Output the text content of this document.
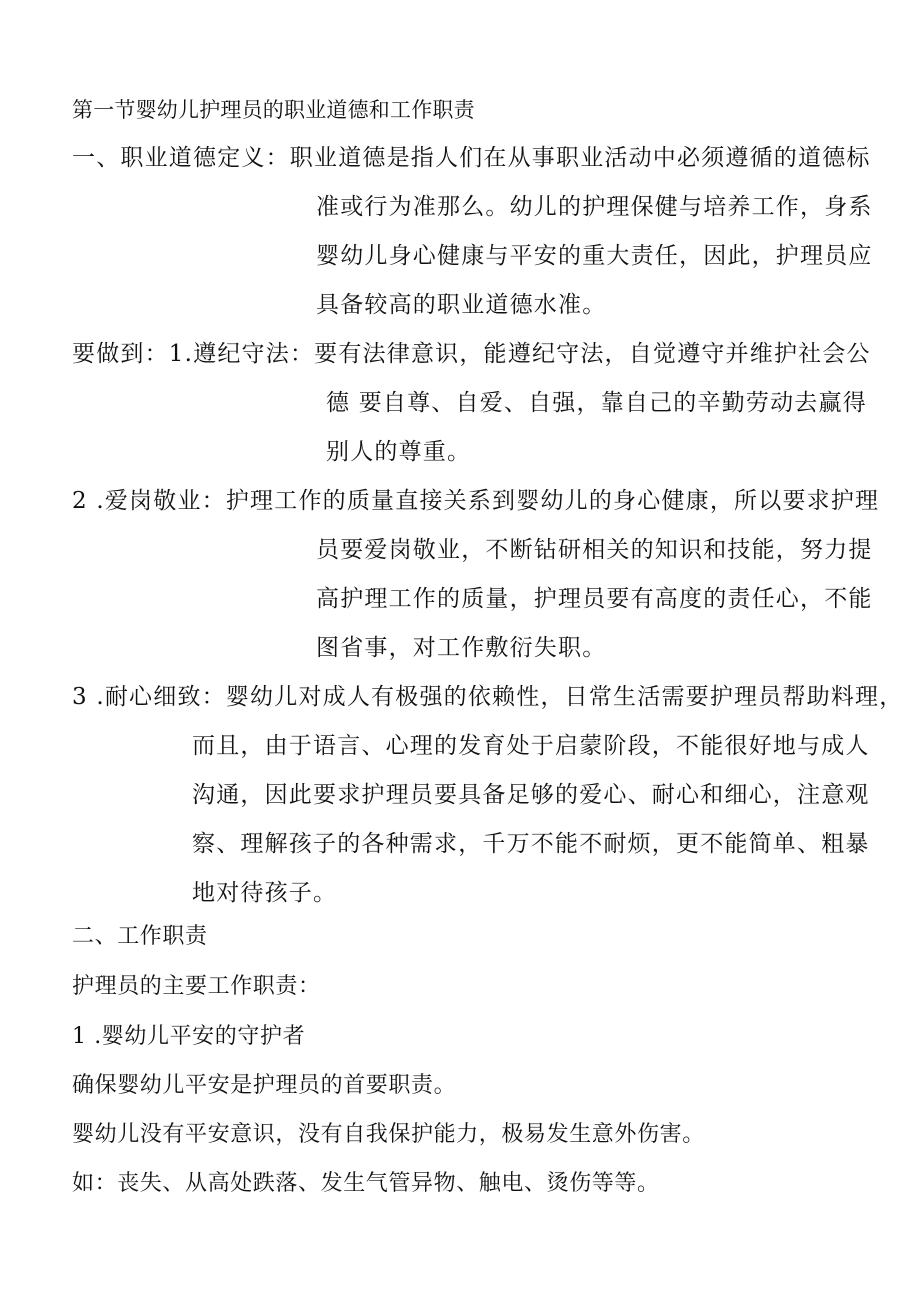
第一节婴幼儿护理员的职业道德和工作职责
一、职业道德定义：职业道德是指人们在从事职业活动中必须遵循的道德标
准或行为准那么。幼儿的护理保健与培养工作，身系
婴幼儿身心健康与平安的重大责任，因此，护理员应
具备较高的职业道德水准。
要做到：1.遵纪守法：要有法律意识，能遵纪守法，自觉遵守并维护社会公
德 要自尊、自爱、自强，靠自己的辛勤劳动去赢得
别人的尊重。
2 .爱岗敬业：护理工作的质量直接关系到婴幼儿的身心健康，所以要求护理
员要爱岗敬业，不断钻研相关的知识和技能，努力提
高护理工作的质量，护理员要有高度的责任心，不能
图省事，对工作敷衍失职。
3 .耐心细致：婴幼儿对成人有极强的依赖性，日常生活需要护理员帮助料理，
而且，由于语言、心理的发育处于启蒙阶段，不能很好地与成人
沟通，因此要求护理员要具备足够的爱心、耐心和细心，注意观
察、理解孩子的各种需求，千万不能不耐烦，更不能简单、粗暴
地对待孩子。
二、工作职责
护理员的主要工作职责：
1 .婴幼儿平安的守护者
确保婴幼儿平安是护理员的首要职责。
婴幼儿没有平安意识，没有自我保护能力，极易发生意外伤害。
如：丧失、从高处跌落、发生气管异物、触电、烫伤等等。
